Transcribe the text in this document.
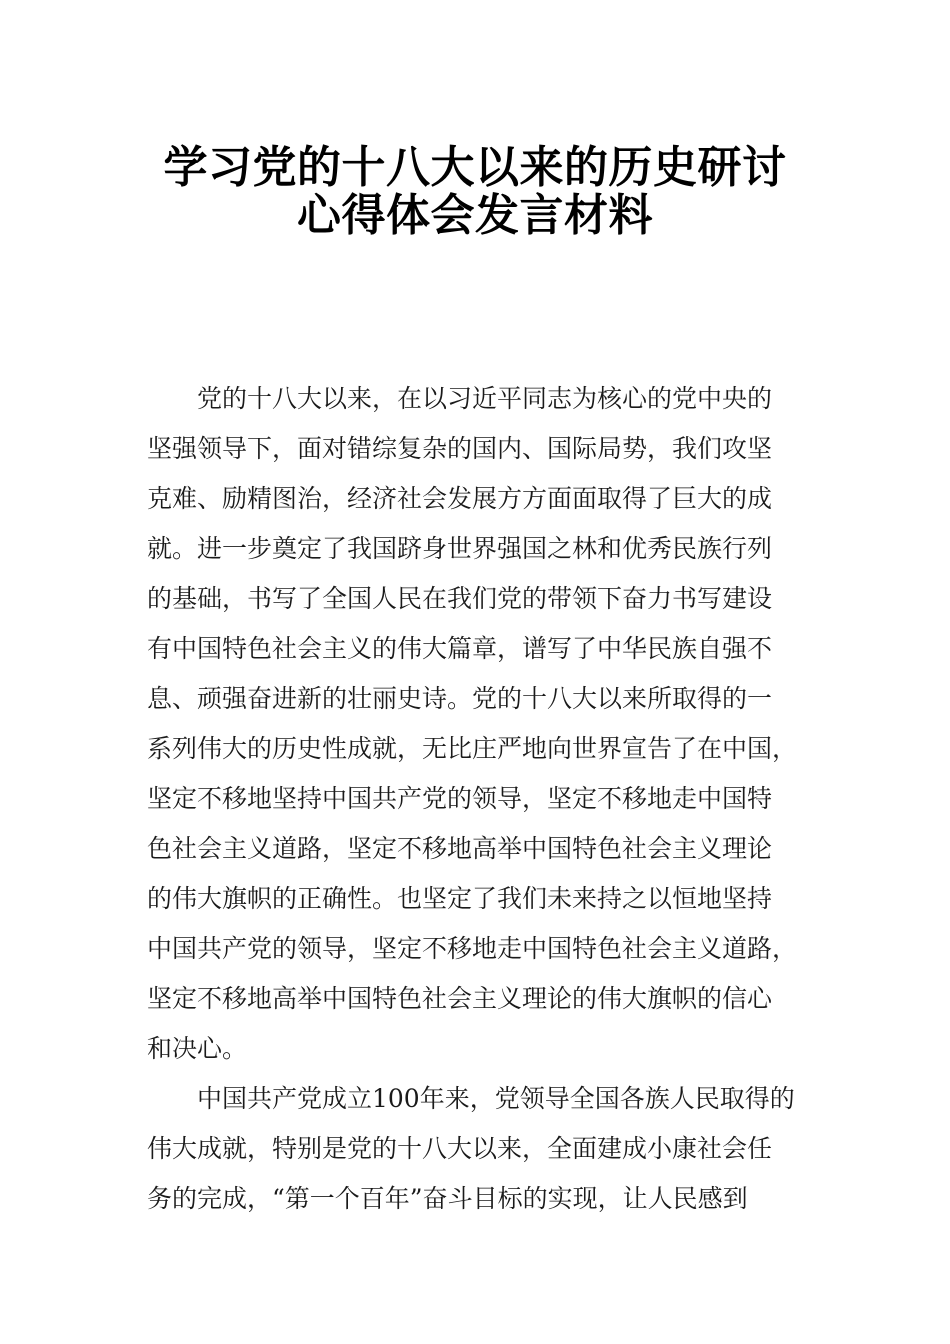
学习党的十八大以来的历史研讨
心得体会发言材料
　　党的十八大以来，在以习近平同志为核心的党中央的
坚强领导下，面对错综复杂的国内、国际局势，我们攻坚
克难、励精图治，经济社会发展方方面面取得了巨大的成
就。进一步奠定了我国跻身世界强国之林和优秀民族行列
的基础，书写了全国人民在我们党的带领下奋力书写建设
有中国特色社会主义的伟大篇章，谱写了中华民族自强不
息、顽强奋进新的壮丽史诗。党的十八大以来所取得的一
系列伟大的历史性成就，无比庄严地向世界宣告了在中国，
坚定不移地坚持中国共产党的领导，坚定不移地走中国特
色社会主义道路，坚定不移地高举中国特色社会主义理论
的伟大旗帜的正确性。也坚定了我们未来持之以恒地坚持
中国共产党的领导，坚定不移地走中国特色社会主义道路，
坚定不移地高举中国特色社会主义理论的伟大旗帜的信心
和决心。
　　中国共产党成立100年来，党领导全国各族人民取得的
伟大成就，特别是党的十八大以来，全面建成小康社会任
务的完成，“第一个百年”奋斗目标的实现，让人民感到
